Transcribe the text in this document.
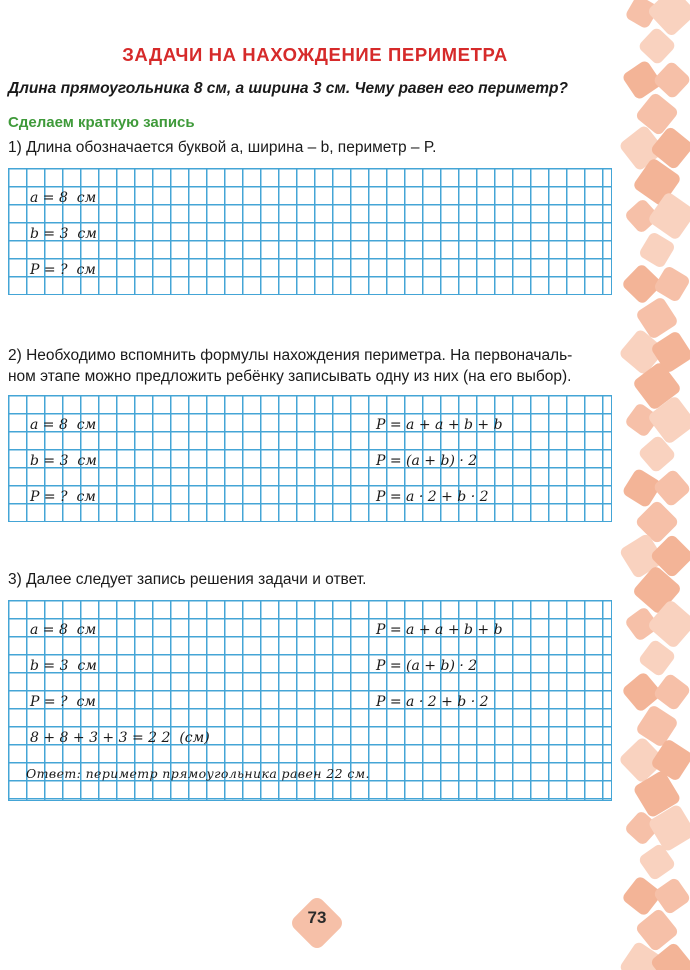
ЗАДАЧИ НА НАХОЖДЕНИЕ ПЕРИМЕТРА
Длина прямоугольника 8 см, а ширина 3 см. Чему равен его периметр?
Сделаем краткую запись
1) Длина обозначается буквой a, ширина – b, периметр – P.
a = 8  см
b = 3  см
P = ?  см
2) Необходимо вспомнить формулы нахождения периметра. На первоначаль-
ном этапе можно предложить ребёнку записывать одну из них (на его выбор).
a = 8  см
b = 3  см
P = ?  см
P = a + a + b + b
P = (a + b) · 2
P = a · 2 + b · 2
3) Далее следует запись решения задачи и ответ.
a = 8  см
b = 3  см
P = ?  см
P = a + a + b + b
P = (a + b) · 2
P = a · 2 + b · 2
8 + 8 + 3 + 3 = 2 2  (см)
Ответ: периметр прямоугольника равен 22 см.
73
